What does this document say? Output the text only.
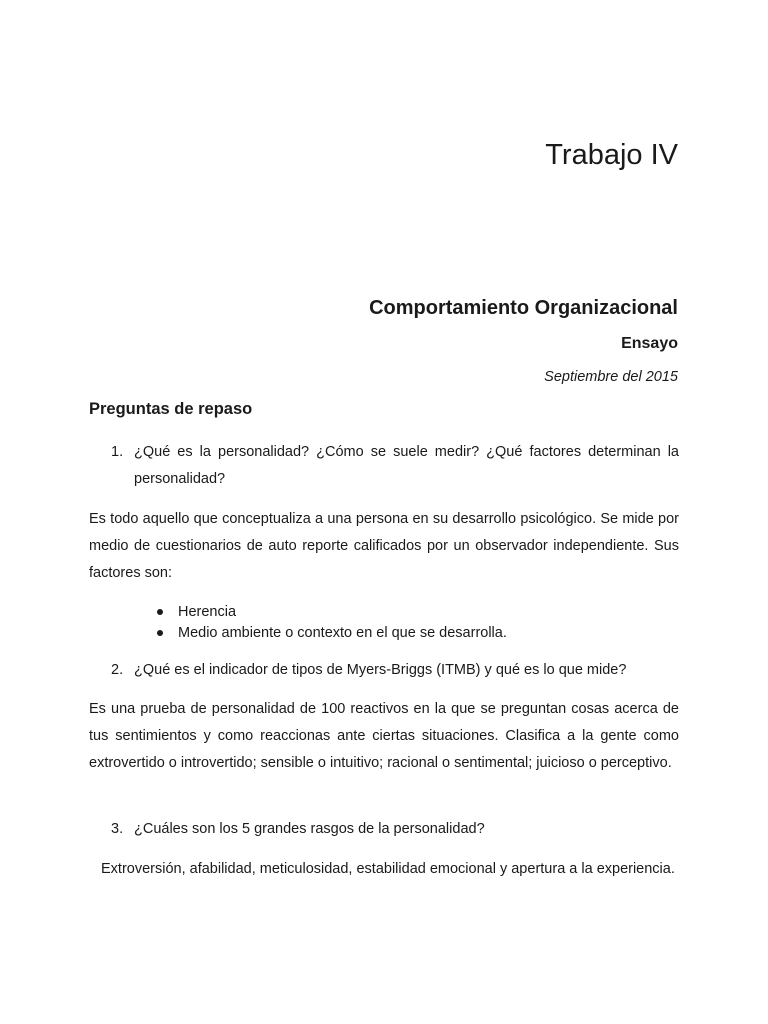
Trabajo IV
Comportamiento Organizacional
Ensayo
Septiembre del 2015
Preguntas de repaso
1. ¿Qué es la personalidad? ¿Cómo se suele medir? ¿Qué factores determinan la personalidad?

Es todo aquello que conceptualiza a una persona en su desarrollo psicológico. Se mide por medio de cuestionarios de auto reporte calificados por un observador independiente. Sus factores son:

Herencia
Medio ambiente o contexto en el que se desarrolla.
2. ¿Qué es el indicador de tipos de Myers-Briggs (ITMB) y qué es lo que mide?

Es una prueba de personalidad de 100 reactivos en la que se preguntan cosas acerca de tus sentimientos y como reaccionas ante ciertas situaciones. Clasifica a la gente como extrovertido o introvertido; sensible o intuitivo; racional o sentimental; juicioso o perceptivo.

3. ¿Cuáles son los 5 grandes rasgos de la personalidad?

Extroversión, afabilidad, meticulosidad, estabilidad emocional y apertura a la experiencia.
